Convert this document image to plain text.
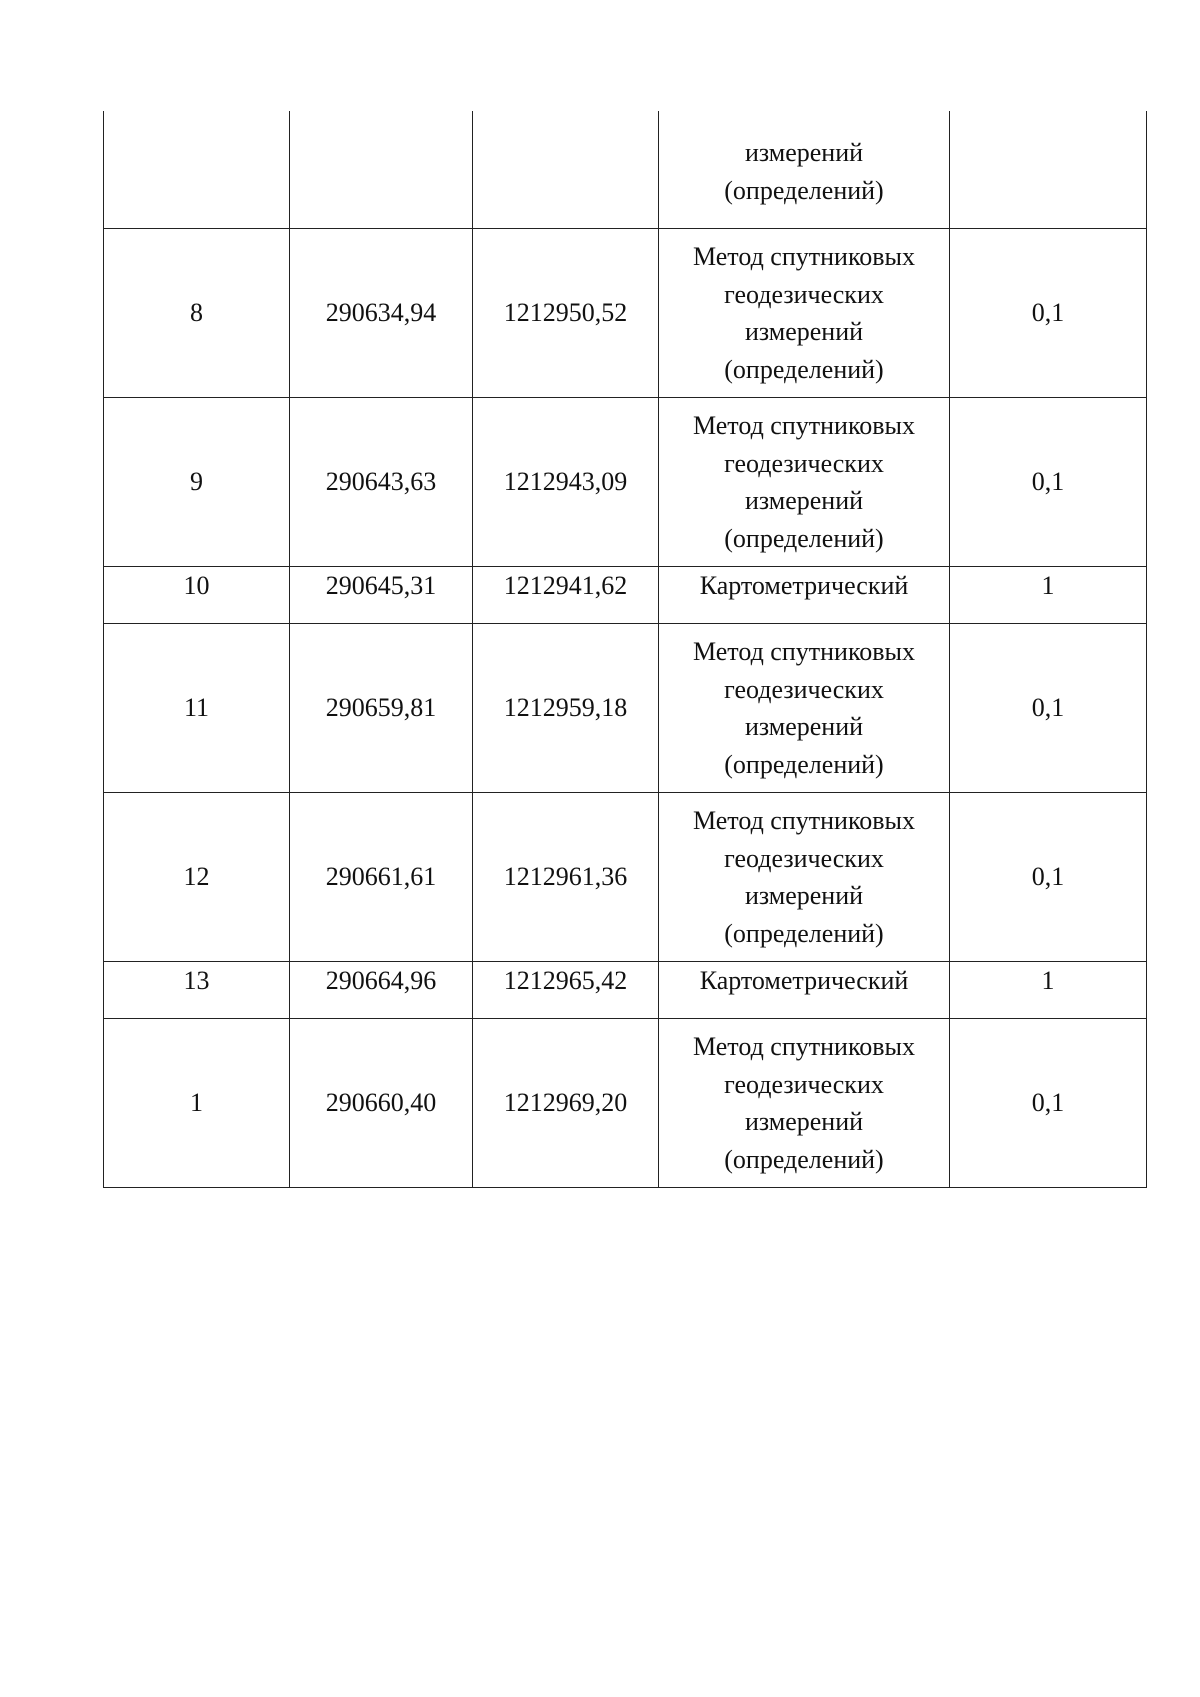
			измерений
(определений)	

8	290634,94	1212950,52	Метод спутниковых
геодезических
измерений
(определений)	0,1
9	290643,63	1212943,09	Метод спутниковых
геодезических
измерений
(определений)	0,1
10	290645,31	1212941,62	Картометрический	1
11	290659,81	1212959,18	Метод спутниковых
геодезических
измерений
(определений)	0,1
12	290661,61	1212961,36	Метод спутниковых
геодезических
измерений
(определений)	0,1
13	290664,96	1212965,42	Картометрический	1
1	290660,40	1212969,20	Метод спутниковых
геодезических
измерений
(определений)	0,1
